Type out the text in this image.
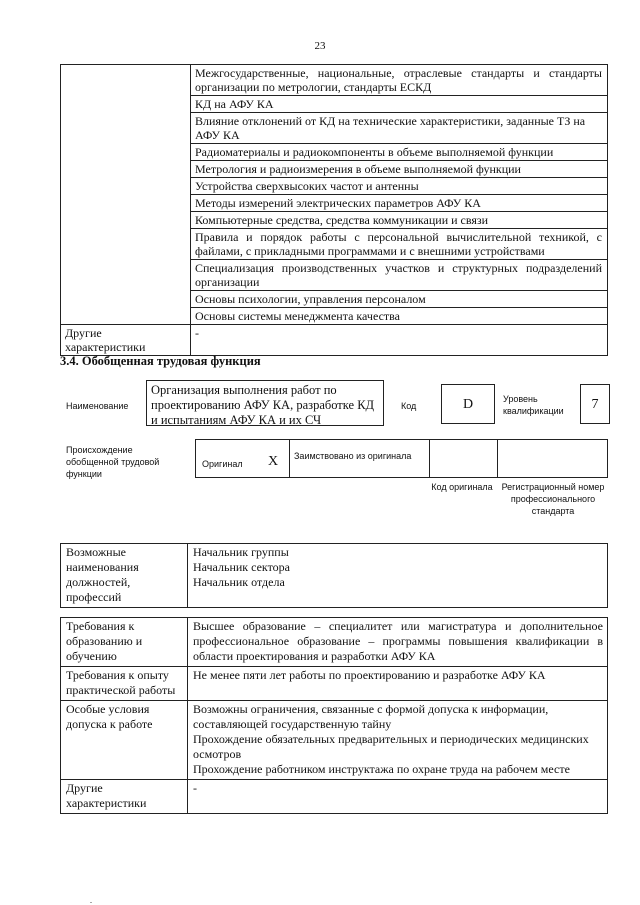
23
	Межгосударственные, национальные, отраслевые стандарты и стандарты организации по метрологии, стандарты ЕСКД
	КД на АФУ КА
	Влияние отклонений от КД на технические характеристики, заданные ТЗ на АФУ КА
	Радиоматериалы и радиокомпоненты в объеме выполняемой функции
	Метрология и радиоизмерения в объеме выполняемой функции
	Устройства сверхвысоких частот и антенны
	Методы измерений электрических параметров АФУ КА
	Компьютерные средства, средства коммуникации и связи
	Правила и порядок работы с персональной вычислительной техникой, с файлами, с прикладными программами и с внешними устройствами
	Специализация производственных участков и структурных подразделений организации
	Основы психологии, управления персоналом
	Основы системы менеджмента качества
Другие характеристики	-
3.4. Обобщенная трудовая функция
Наименование
Организация выполнения работ по проектированию АФУ КА, разработке КД и испытаниям АФУ КА и их СЧ
Код	D	Уровень квалификации	7
Происхождение обобщенной трудовой функции
Оригинал X	Заимствовано из оригинала

Код оригинала Регистрационный номер профессионального стандарта
Возможные наименования должностей, профессий	
Начальник группы
Начальник сектора
Начальник отдела
Требования к образованию и обучению	Высшее образование – специалитет или магистратура и дополнительное профессиональное образование – программы повышения квалификации в области проектирования и разработки АФУ КА
Требования к опыту практической работы	Не менее пяти лет работы по проектированию и разработке АФУ КА
Особые условия допуска к работе	Возможны ограничения, связанные с формой допуска к информации, составляющей государственную тайну
Прохождение обязательных предварительных и периодических медицинских осмотров
Прохождение работником инструктажа по охране труда на рабочем месте

Другие характеристики	-
.
